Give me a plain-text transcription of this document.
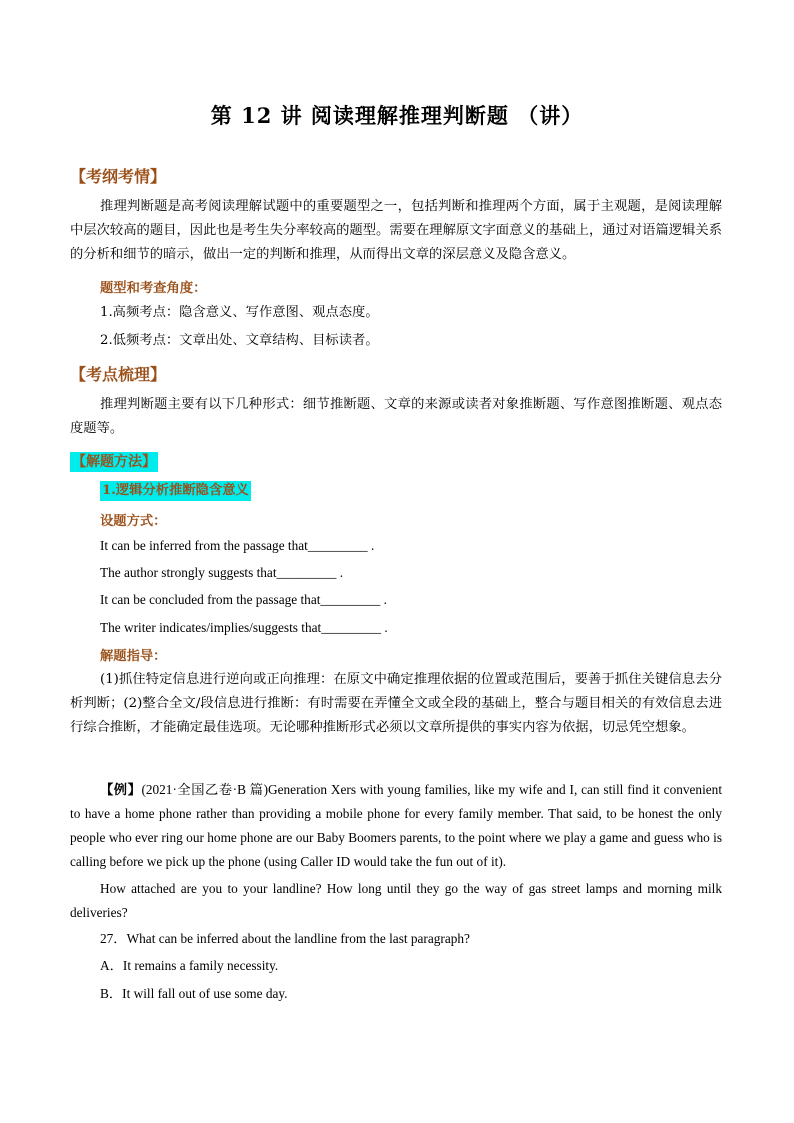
第 12 讲 阅读理解推理判断题 （讲）
【考纲考情】
推理判断题是高考阅读理解试题中的重要题型之一，包括判断和推理两个方面，属于主观题，是阅读理解中层次较高的题目，因此也是考生失分率较高的题型。需要在理解原文字面意义的基础上，通过对语篇逻辑关系的分析和细节的暗示，做出一定的判断和推理，从而得出文章的深层意义及隐含意义。
题型和考查角度：
1.高频考点：隐含意义、写作意图、观点态度。
2.低频考点：文章出处、文章结构、目标读者。
【考点梳理】
推理判断题主要有以下几种形式：细节推断题、文章的来源或读者对象推断题、写作意图推断题、观点态度题等。
【解题方法】
1.逻辑分析推断隐含意义
设题方式：
It can be inferred from the passage that_________ .
The author strongly suggests that_________ .
It can be concluded from the passage that_________ .
The writer indicates/implies/suggests that_________ .
解题指导：
(1)抓住特定信息进行逆向或正向推理：在原文中确定推理依据的位置或范围后，要善于抓住关键信息去分析判断；(2)整合全文/段信息进行推断：有时需要在弄懂全文或全段的基础上，整合与题目相关的有效信息去进行综合推断，才能确定最佳选项。无论哪种推断形式必须以文章所提供的事实内容为依据，切忌凭空想象。
【例】(2021·全国乙卷·B 篇)Generation Xers with young families, like my wife and I, can still find it convenient to have a home phone rather than providing a mobile phone for every family member. That said, to be honest the only people who ever ring our home phone are our Baby Boomers parents, to the point where we play a game and guess who is calling before we pick up the phone (using Caller ID would take the fun out of it).
How attached are you to your landline? How long until they go the way of gas street lamps and morning milk deliveries?
27．What can be inferred about the landline from the last paragraph?
A．It remains a family necessity.
B．It will fall out of use some day.
